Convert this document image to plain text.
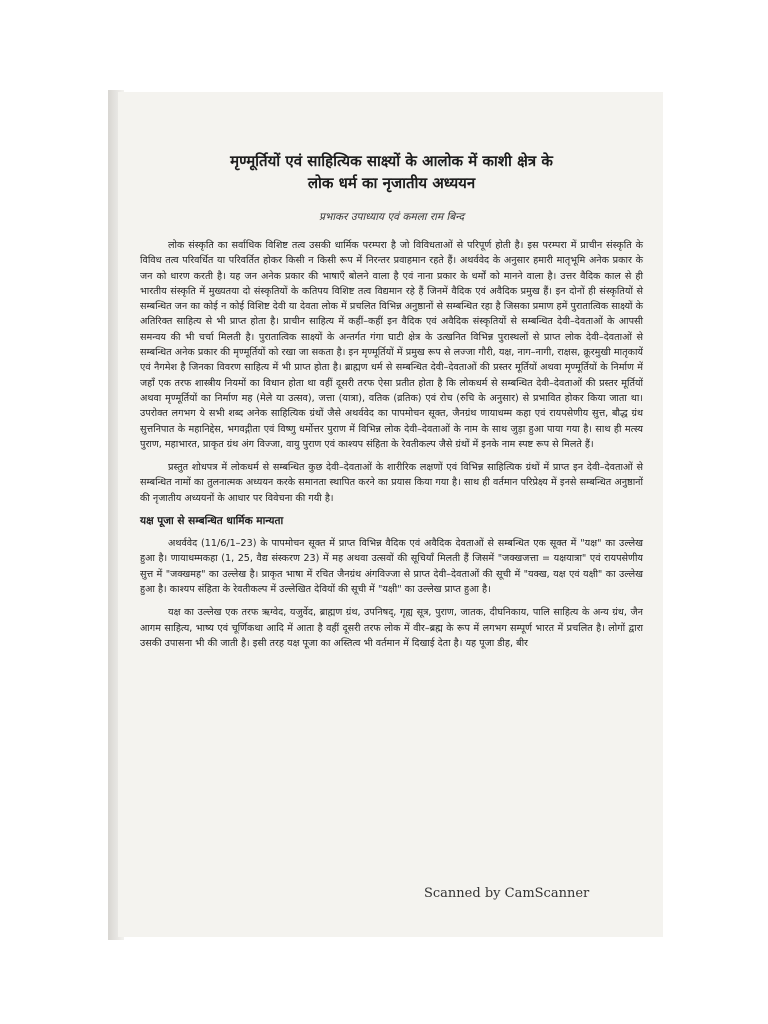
मृण्मूर्तियों एवं साहित्यिक साक्ष्यों के आलोक में काशी क्षेत्र के
लोक धर्म का नृजातीय अध्ययन
प्रभाकर उपाध्याय एवं कमला राम बिन्द

लोक संस्कृति का सर्वाधिक विशिष्ट तत्व उसकी धार्मिक परम्परा है जो विविधताओं से परिपूर्ण होती है। इस परम्परा में प्राचीन संस्कृति के विविध तत्व परिवर्धित या परिवर्तित होकर किसी न किसी रूप में निरन्तर प्रवाहमान रहते हैं। अथर्ववेद के अनुसार हमारी मातृभूमि अनेक प्रकार के जन को धारण करती है। यह जन अनेक प्रकार की भाषाएँ बोलने वाला है एवं नाना प्रकार के धर्मों को मानने वाला है। उत्तर वैदिक काल से ही भारतीय संस्कृति में मुख्यतया दो संस्कृतियों के कतिपय विशिष्ट तत्व विद्यमान रहे हैं जिनमें वैदिक एवं अवैदिक प्रमुख हैं। इन दोनों ही संस्कृतियों से सम्बन्धित जन का कोई न कोई विशिष्ट देवी या देवता लोक में प्रचलित विभिन्न अनुष्ठानों से सम्बन्धित रहा है जिसका प्रमाण हमें पुरातात्विक साक्ष्यों के अतिरिक्त साहित्य से भी प्राप्त होता है। प्राचीन साहित्य में कहीं–कहीं इन वैदिक एवं अवैदिक संस्कृतियों से सम्बन्धित देवी–देवताओं के आपसी समन्वय की भी चर्चा मिलती है। पुरातात्विक साक्ष्यों के अन्तर्गत गंगा घाटी क्षेत्र के उत्खनित विभिन्न पुरास्थलों से प्राप्त लोक देवी–देवताओं से सम्बन्धित अनेक प्रकार की मृण्मूर्तियों को रखा जा सकता है। इन मृण्मूर्तियों में प्रमुख रूप से लज्जा गौरी, यक्ष, नाग–नागी, राक्षस, क्रूरमुखी मातृकायें एवं नैगमेश है जिनका विवरण साहित्य में भी प्राप्त होता है। ब्राह्मण धर्म से सम्बन्धित देवी–देवताओं की प्रस्तर मूर्तियों अथवा मृण्मूर्तियों के निर्माण में जहाँ एक तरफ शास्त्रीय नियमों का विधान होता था वहीं दूसरी तरफ ऐसा प्रतीत होता है कि लोकधर्म से सम्बन्धित देवी–देवताओं की प्रस्तर मूर्तियों अथवा मृण्मूर्तियों का निर्माण मह (मेले या उत्सव), जत्ता (यात्रा), वतिक (व्रतिक) एवं रोच (रुचि के अनुसार) से प्रभावित होकर किया जाता था। उपरोक्त लगभग ये सभी शब्द अनेक साहित्यिक ग्रंथों जैसे अथर्ववेद का पापमोचन सूक्त, जैनग्रंथ णायाधम्म कहा एवं रायपसेणीय सुत्त, बौद्ध ग्रंथ सुत्तनिपात के महानिद्देस, भगवद्गीता एवं विष्णु धर्मोत्तर पुराण में विभिन्न लोक देवी–देवताओं के नाम के साथ जुड़ा हुआ पाया गया है। साथ ही मत्स्य पुराण, महाभारत, प्राकृत ग्रंथ अंग विज्जा, वायु पुराण एवं काश्यप संहिता के रेवतीकल्प जैसे ग्रंथों में इनके नाम स्पष्ट रूप से मिलते हैं।

प्रस्तुत शोधपत्र में लोकधर्म से सम्बन्धित कुछ देवी–देवताओं के शारीरिक लक्षणों एवं विभिन्न साहित्यिक ग्रंथों में प्राप्त इन देवी–देवताओं से सम्बन्धित नामों का तुलनात्मक अध्ययन करके समानता स्थापित करने का प्रयास किया गया है। साथ ही वर्तमान परिप्रेक्ष्य में इनसे सम्बन्धित अनुष्ठानों की नृजातीय अध्ययनों के आधार पर विवेचना की गयी है।

यक्ष पूजा से सम्बन्धित धार्मिक मान्यता

अथर्ववेद (11/6/1–23) के पापमोचन सूक्त में प्राप्त विभिन्न वैदिक एवं अवैदिक देवताओं से सम्बन्धित एक सूक्त में "यक्ष" का उल्लेख हुआ है। णायाधम्मकहा (1, 25, वैद्य संस्करण 23) में मह अथवा उत्सवों की सूचियाँ मिलती हैं जिसमें "जक्खजत्ता = यक्षयात्रा" एवं रायपसेणीय सुत्त में "जक्खमह" का उल्लेख है। प्राकृत भाषा में रचित जैनग्रंथ अंगविज्जा से प्राप्त देवी–देवताओं की सूची में "यक्ख, यक्ष एवं यक्षी" का उल्लेख हुआ है। काश्यप संहिता के रेवतीकल्प में उल्लेखित देवियों की सूची में "यक्षी" का उल्लेख प्राप्त हुआ है।

यक्ष का उल्लेख एक तरफ ऋग्वेद, यजुर्वेद, ब्राह्मण ग्रंथ, उपनिषद्, गृह्य सूत्र, पुराण, जातक, दीघनिकाय, पालि साहित्य के अन्य ग्रंथ, जैन आगम साहित्य, भाष्य एवं चूर्णिकथा आदि में आता है वहीं दूसरी तरफ लोक में वीर–ब्रह्म के रूप में लगभग सम्पूर्ण भारत में प्रचलित है। लोगों द्वारा उसकी उपासना भी की जाती है। इसी तरह यक्ष पूजा का अस्तित्व भी वर्तमान में दिखाई देता है। यह पूजा डीह, बीर

Scanned by CamScanner
